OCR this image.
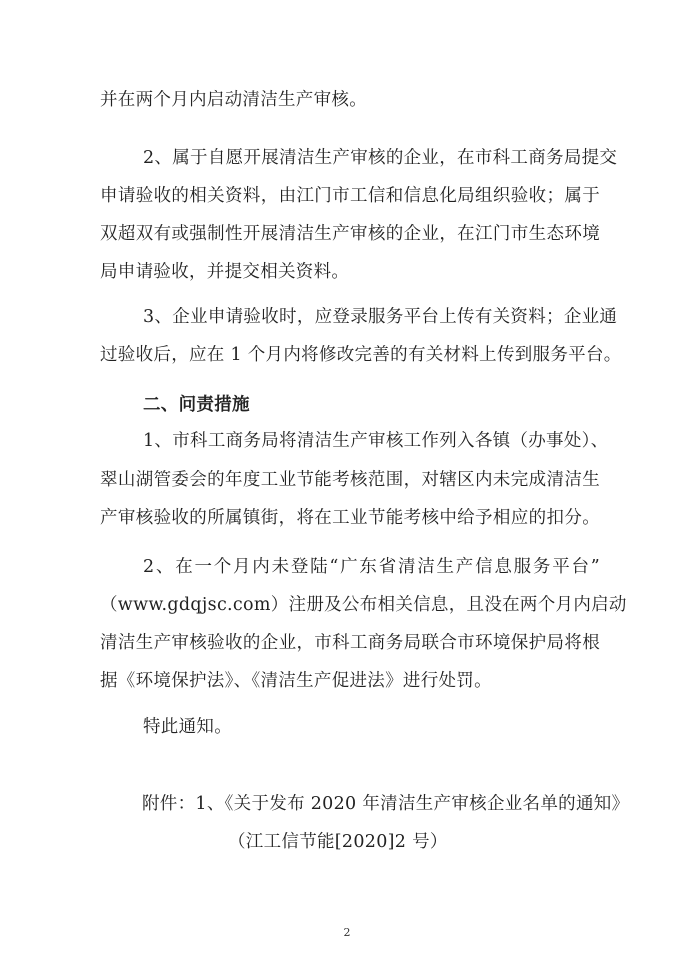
并在两个月内启动清洁生产审核。
2、属于自愿开展清洁生产审核的企业，在市科工商务局提交
申请验收的相关资料，由江门市工信和信息化局组织验收；属于
双超双有或强制性开展清洁生产审核的企业，在江门市生态环境
局申请验收，并提交相关资料。
3、企业申请验收时，应登录服务平台上传有关资料；企业通
过验收后，应在 1 个月内将修改完善的有关材料上传到服务平台。
二、问责措施
1、市科工商务局将清洁生产审核工作列入各镇（办事处）、
翠山湖管委会的年度工业节能考核范围，对辖区内未完成清洁生
产审核验收的所属镇街，将在工业节能考核中给予相应的扣分。
2、在一个月内未登陆“广东省清洁生产信息服务平台”
（www.gdqjsc.com）注册及公布相关信息，且没在两个月内启动
清洁生产审核验收的企业，市科工商务局联合市环境保护局将根
据《环境保护法》、《清洁生产促进法》进行处罚。
特此通知。
附件：1、《关于发布 2020 年清洁生产审核企业名单的通知》
（江工信节能[2020]2 号）
2
